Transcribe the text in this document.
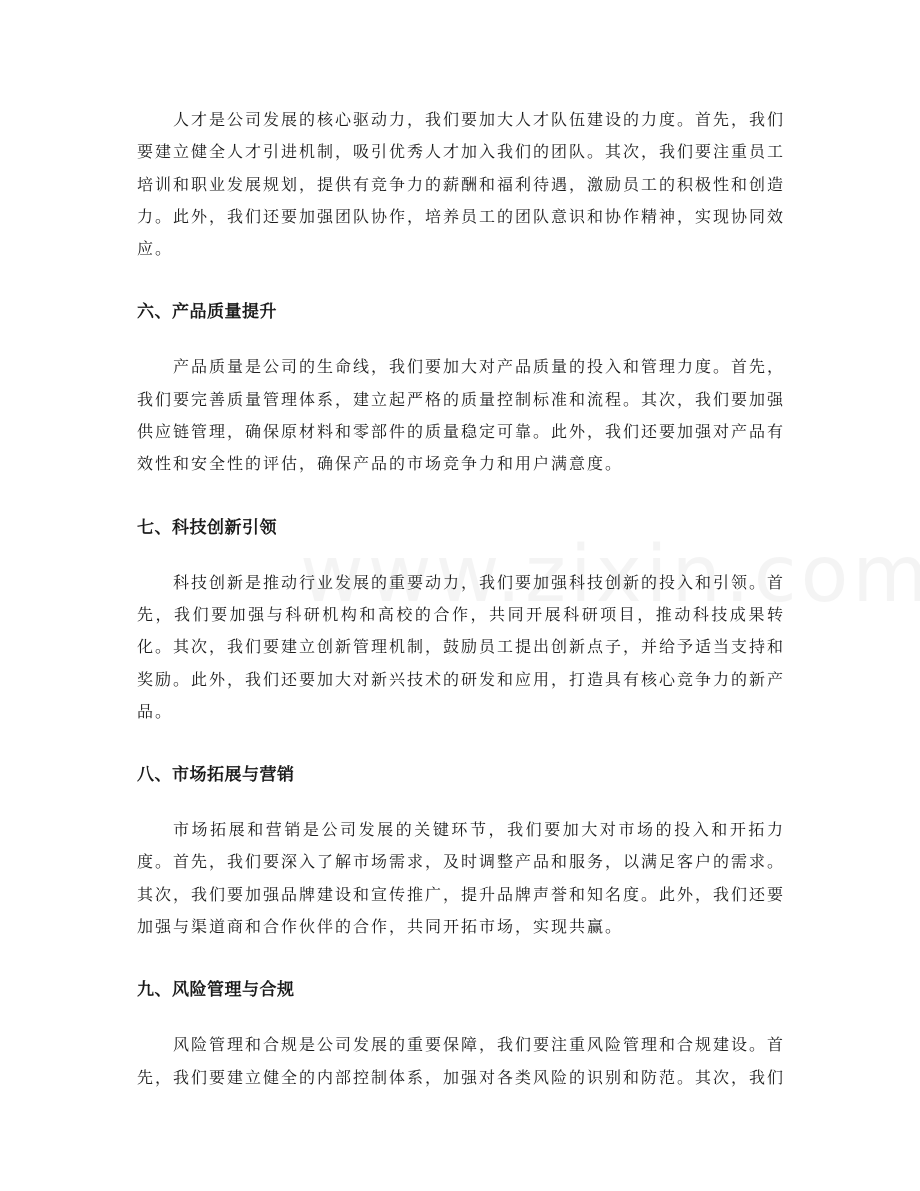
人才是公司发展的核心驱动力，我们要加大人才队伍建设的力度。首先，我们要建立健全人才引进机制，吸引优秀人才加入我们的团队。其次，我们要注重员工培训和职业发展规划，提供有竞争力的薪酬和福利待遇，激励员工的积极性和创造力。此外，我们还要加强团队协作，培养员工的团队意识和协作精神，实现协同效应。

六、产品质量提升

产品质量是公司的生命线，我们要加大对产品质量的投入和管理力度。首先，我们要完善质量管理体系，建立起严格的质量控制标准和流程。其次，我们要加强供应链管理，确保原材料和零部件的质量稳定可靠。此外，我们还要加强对产品有效性和安全性的评估，确保产品的市场竞争力和用户满意度。

七、科技创新引领

科技创新是推动行业发展的重要动力，我们要加强科技创新的投入和引领。首先，我们要加强与科研机构和高校的合作，共同开展科研项目，推动科技成果转化。其次，我们要建立创新管理机制，鼓励员工提出创新点子，并给予适当支持和奖励。此外，我们还要加大对新兴技术的研发和应用，打造具有核心竞争力的新产品。

八、市场拓展与营销

市场拓展和营销是公司发展的关键环节，我们要加大对市场的投入和开拓力度。首先，我们要深入了解市场需求，及时调整产品和服务，以满足客户的需求。其次，我们要加强品牌建设和宣传推广，提升品牌声誉和知名度。此外，我们还要加强与渠道商和合作伙伴的合作，共同开拓市场，实现共赢。

九、风险管理与合规

风险管理和合规是公司发展的重要保障，我们要注重风险管理和合规建设。首先，我们要建立健全的内部控制体系，加强对各类风险的识别和防范。其次，我们
